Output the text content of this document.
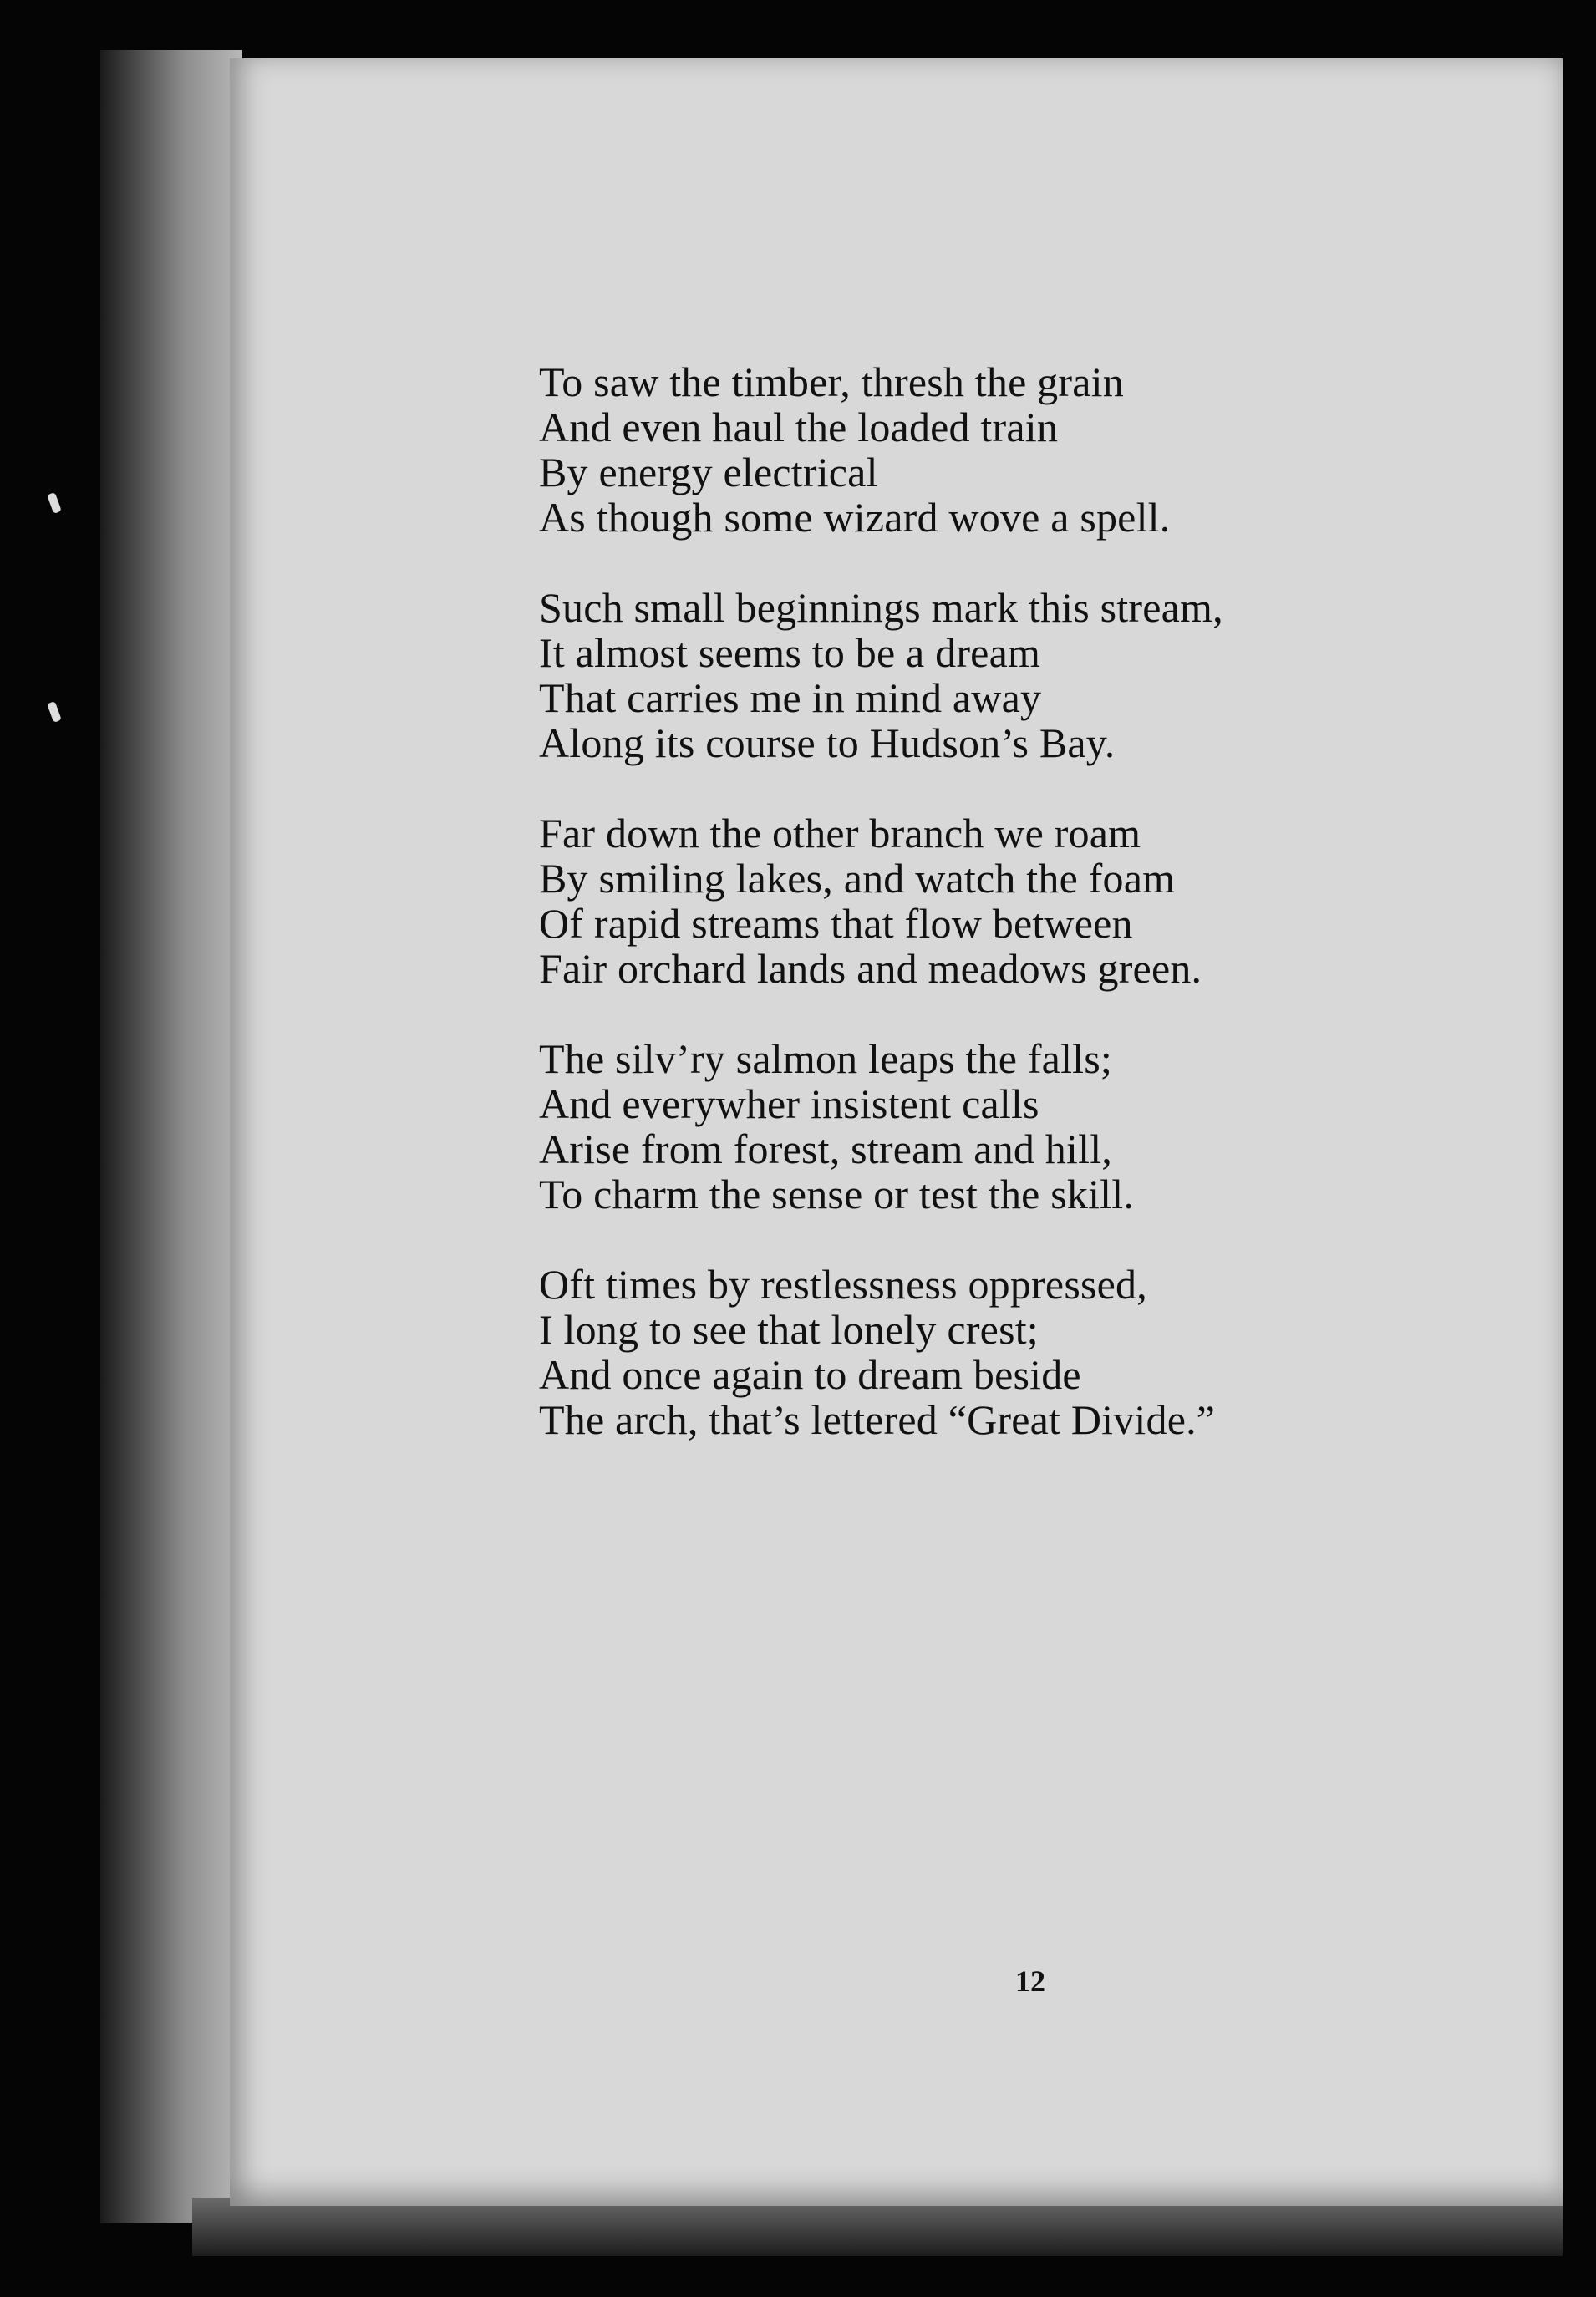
To saw the timber, thresh the grain
And even haul the loaded train
By energy electrical
As though some wizard wove a spell.
Such small beginnings mark this stream,
It almost seems to be a dream
That carries me in mind away
Along its course to Hudson’s Bay.
Far down the other branch we roam
By smiling lakes, and watch the foam
Of rapid streams that flow between
Fair orchard lands and meadows green.
The silv’ry salmon leaps the falls;
And everywher insistent calls
Arise from forest, stream and hill,
To charm the sense or test the skill.
Oft times by restlessness oppressed,
I long to see that lonely crest;
And once again to dream beside
The arch, that’s lettered “Great Divide.”
12
